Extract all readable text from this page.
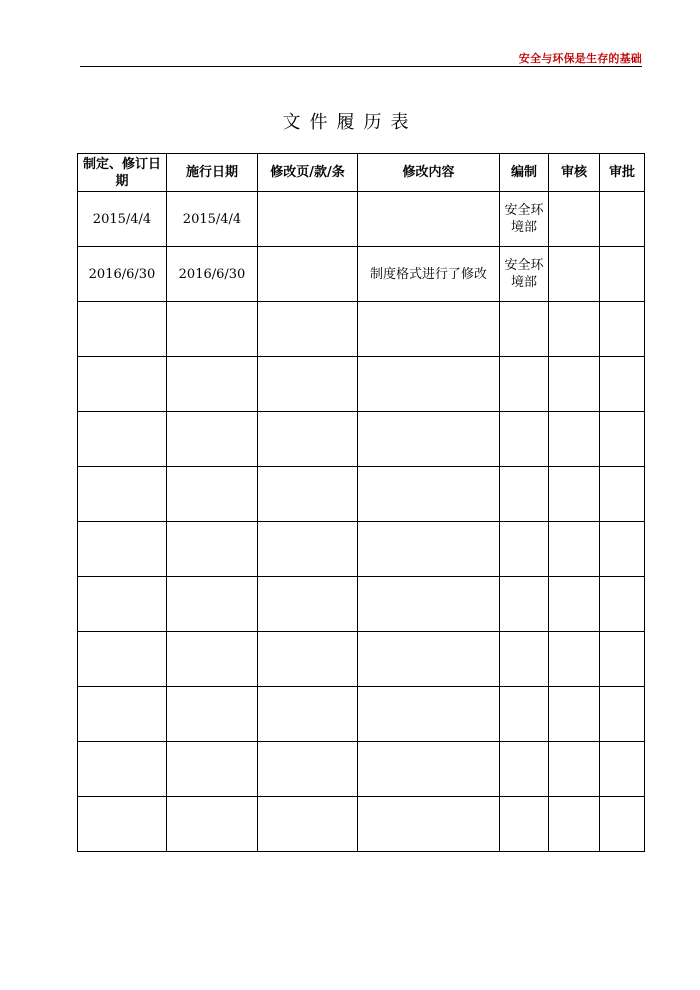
安全与环保是生存的基础
文件履历表
制定、修订日期	施行日期	修改页/款/条	修改内容	编制	审核	审批
2015/4/4	2015/4/4			安全环境部		
2016/6/30	2016/6/30		制度格式进行了修改	安全环境部		
